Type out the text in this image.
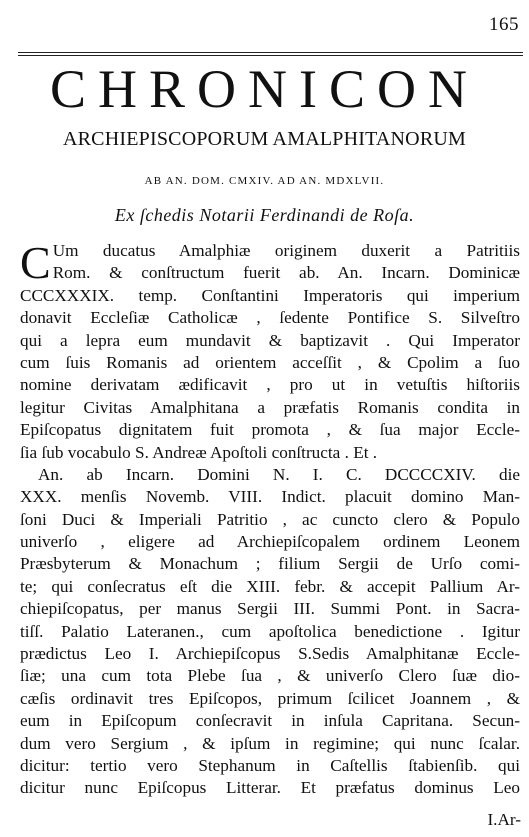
165
CHRONICON
ARCHIEPISCOPORUM AMALPHITANORUM
AB AN. DOM. CMXIV. AD AN. MDXLVII.
Ex ſchedis Notarii Ferdinandi de Roſa.
C Um ducatus Amalphiæ originem duxerit a Patritiis
Rom. & conſtructum fuerit ab. An. Incarn. Dominicæ
CCCXXXIX. temp. Conſtantini Imperatoris qui imperium
donavit Eccleſiæ Catholicæ , ſedente Pontifice S. Silveſtro
qui a lepra eum mundavit & baptizavit . Qui Imperator
cum ſuis Romanis ad orientem acceſſit , & Cpolim a ſuo
nomine derivatam ædificavit , pro ut in vetuſtis hiſtoriis
legitur Civitas Amalphitana a præfatis Romanis condita in
Epiſcopatus dignitatem fuit promota , & ſua major Eccle-
ſia ſub vocabulo S. Andreæ Apoſtoli conſtructa . Et .
An. ab Incarn. Domini N. I. C. DCCCCXIV. die
XXX. menſis Novemb. VIII. Indict. placuit domino Man-
ſoni Duci & Imperiali Patritio , ac cuncto clero & Populo
univerſo , eligere ad Archiepiſcopalem ordinem Leonem
Præsbyterum & Monachum ; filium Sergii de Urſo comi-
te; qui conſecratus eſt die XIII. febr. & accepit Pallium Ar-
chiepiſcopatus, per manus Sergii III. Summi Pont. in Sacra-
tiſſ. Palatio Lateranen., cum apoſtolica benedictione . Igitur
prædictus Leo I. Archiepiſcopus S.Sedis Amalphitanæ Eccle-
ſiæ; una cum tota Plebe ſua , & univerſo Clero ſuæ dio-
cæſis ordinavit tres Epiſcopos, primum ſcilicet Joannem , &
eum in Epiſcopum conſecravit in inſula Capritana. Secun-
dum vero Sergium , & ipſum in regimine; qui nunc ſcalar.
dicitur: tertio vero Stephanum in Caſtellis ſtabienſib. qui
dicitur nunc Epiſcopus Litterar. Et præfatus dominus Leo
I.Ar-
